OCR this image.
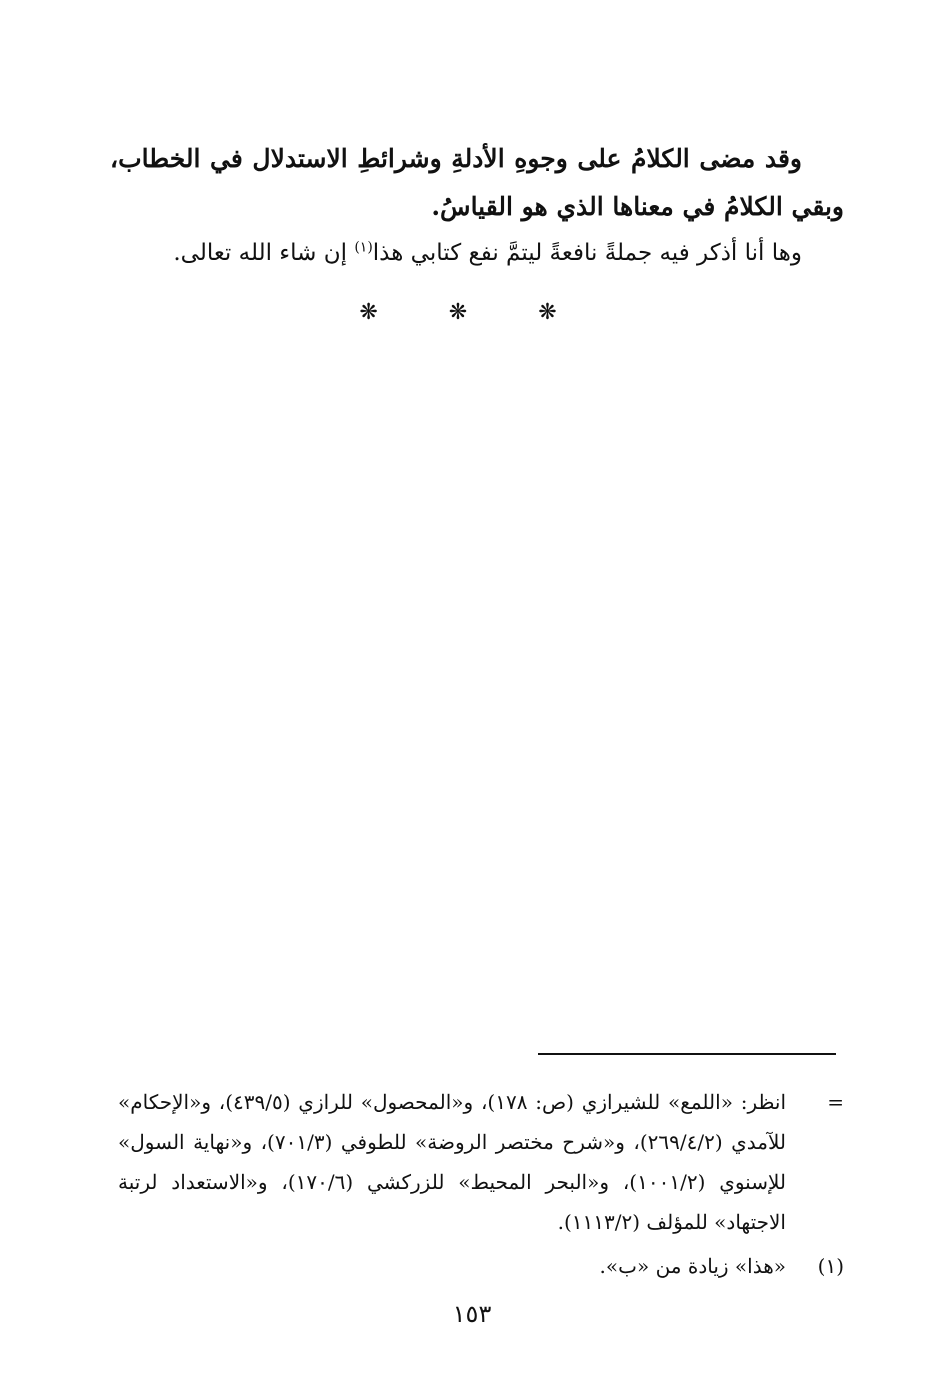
وقد مضى الكلامُ على وجوهِ الأدلةِ وشرائطِ الاستدلال في الخطاب، وبقي الكلامُ في معناها الذي هو القياسُ.

وها أنا أذكر فيه جملةً نافعةً ليتمَّ نفع كتابي هذا$^{(١)}$ إن شاء الله تعالى.

❋ ❋ ❋
=
انظر: «اللمع» للشيرازي (ص: ١٧٨)، و«المحصول» للرازي (٤٣٩/٥)، و«الإحكام» للآمدي (٢٦٩/٤/٢)، و«شرح مختصر الروضة» للطوفي (٧٠١/٣)، و«نهاية السول» للإسنوي (١٠٠١/٢)، و«البحر المحيط» للزركشي (١٧٠/٦)، و«الاستعداد لرتبة الاجتهاد» للمؤلف (١١١٣/٢).
(١)
«هذا» زيادة من «ب».
١٥٣
